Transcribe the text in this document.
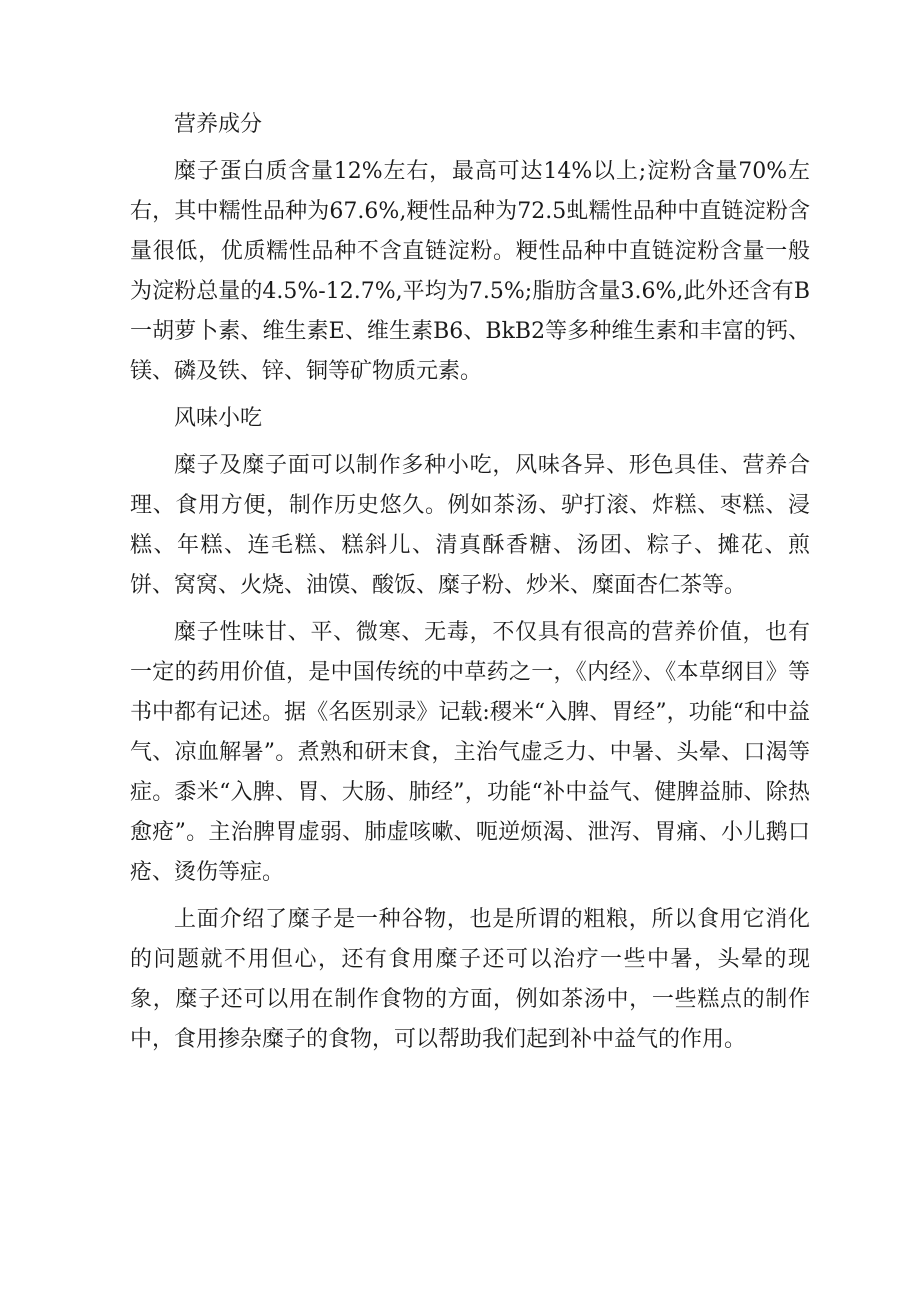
营养成分

糜子蛋白质含量12%左右，最高可达14%以上;淀粉含量70%左右，其中糯性品种为67.6%,粳性品种为72.5虬糯性品种中直链淀粉含量很低，优质糯性品种不含直链淀粉。粳性品种中直链淀粉含量一般为淀粉总量的4.5%-12.7%,平均为7.5%;脂肪含量3.6%,此外还含有B一胡萝卜素、维生素E、维生素B6、BkB2等多种维生素和丰富的钙、镁、磷及铁、锌、铜等矿物质元素。

风味小吃

糜子及糜子面可以制作多种小吃，风味各异、形色具佳、营养合理、食用方便，制作历史悠久。例如茶汤、驴打滚、炸糕、枣糕、浸糕、年糕、连毛糕、糕斜儿、清真酥香糖、汤团、粽子、摊花、煎饼、窝窝、火烧、油馍、酸饭、糜子粉、炒米、糜面杏仁茶等。

糜子性味甘、平、微寒、无毒，不仅具有很高的营养价值，也有一定的药用价值，是中国传统的中草药之一，《内经》、《本草纲目》等书中都有记述。据《名医别录》记载:稷米“入脾、胃经”，功能“和中益气、凉血解暑”。煮熟和研末食，主治气虚乏力、中暑、头晕、口渴等症。黍米“入脾、胃、大肠、肺经”，功能“补中益气、健脾益肺、除热愈疮”。主治脾胃虚弱、肺虚咳嗽、呃逆烦渴、泄泻、胃痛、小儿鹅口疮、烫伤等症。

上面介绍了糜子是一种谷物，也是所谓的粗粮，所以食用它消化的问题就不用但心，还有食用糜子还可以治疗一些中暑，头晕的现象，糜子还可以用在制作食物的方面，例如茶汤中，一些糕点的制作中，食用掺杂糜子的食物，可以帮助我们起到补中益气的作用。
